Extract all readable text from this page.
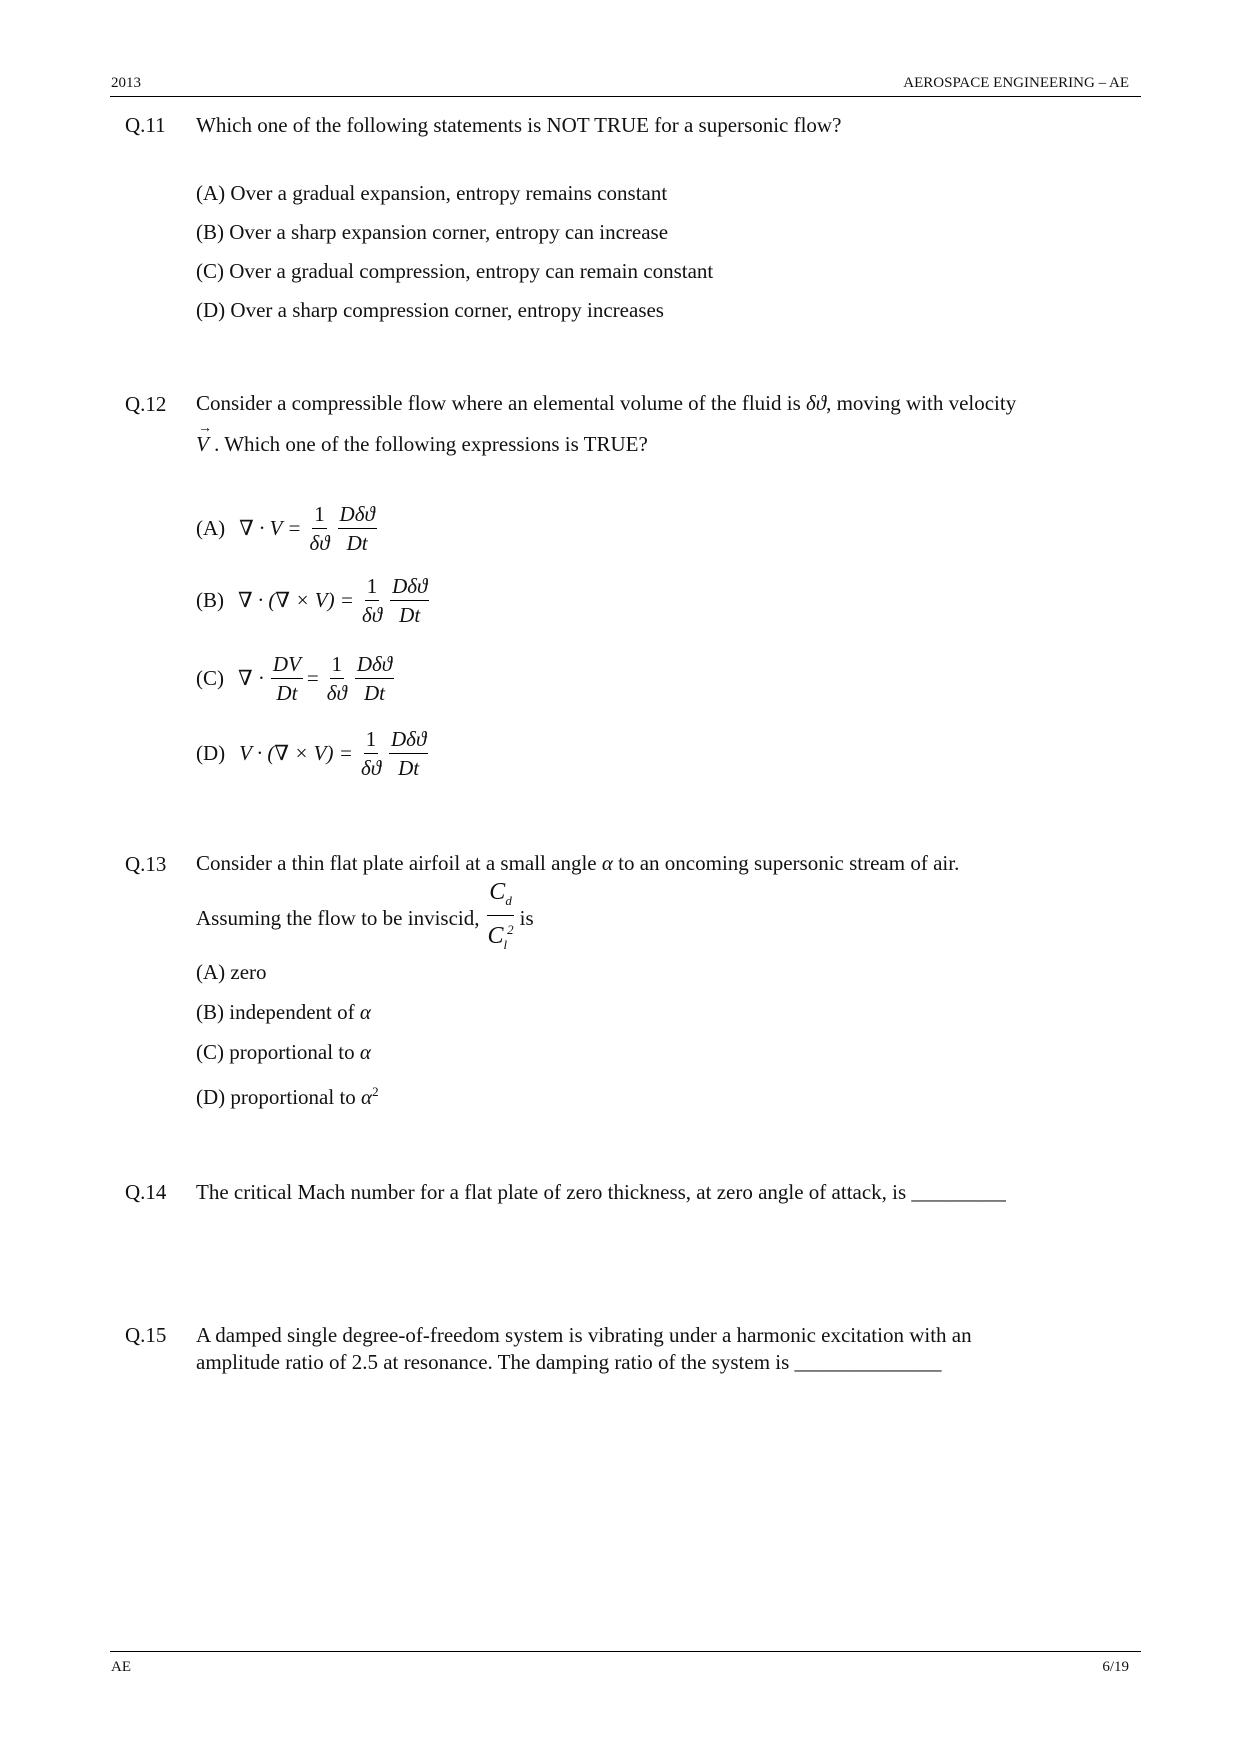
2013	AEROSPACE ENGINEERING – AE
Q.11 Which one of the following statements is NOT TRUE for a supersonic flow?
(A) Over a gradual expansion, entropy remains constant
(B) Over a sharp expansion corner, entropy can increase
(C) Over a gradual compression, entropy can remain constant
(D) Over a sharp compression corner, entropy increases
Q.12 Consider a compressible flow where an elemental volume of the fluid is δϑ, moving with velocity
→ V . Which one of the following expressions is TRUE?
(A) ∇ · $V = \frac{1}{\delta ϑ} \frac{\text{Dδϑ}}{Dt}$
(B) ∇ · (∇ × $V) = \frac{1}{\delta ϑ} \frac{\text{Dδϑ}}{Dt}$
(C) ∇ · $\frac{DV}{Dt} = \frac{1}{\delta ϑ} \frac{\text{Dδϑ}}{Dt}$
(D) V · (∇ × $V) = \frac{1}{\delta ϑ} \frac{\text{Dδϑ}}{Dt}$
Q.13 Consider a thin flat plate airfoil at a small angle α to an oncoming supersonic stream of air.
Assuming the flow to be inviscid, $\frac{C_d}{C_l^2}$ is
(A) zero
(B) independent of α
(C) proportional to α
(D) proportional to $\alpha^2$
Q.14 The critical Mach number for a flat plate of zero thickness, at zero angle of attack, is _________
Q.15 A damped single degree-of-freedom system is vibrating under a harmonic excitation with an
amplitude ratio of 2.5 at resonance. The damping ratio of the system is ______________
AE	6/19
